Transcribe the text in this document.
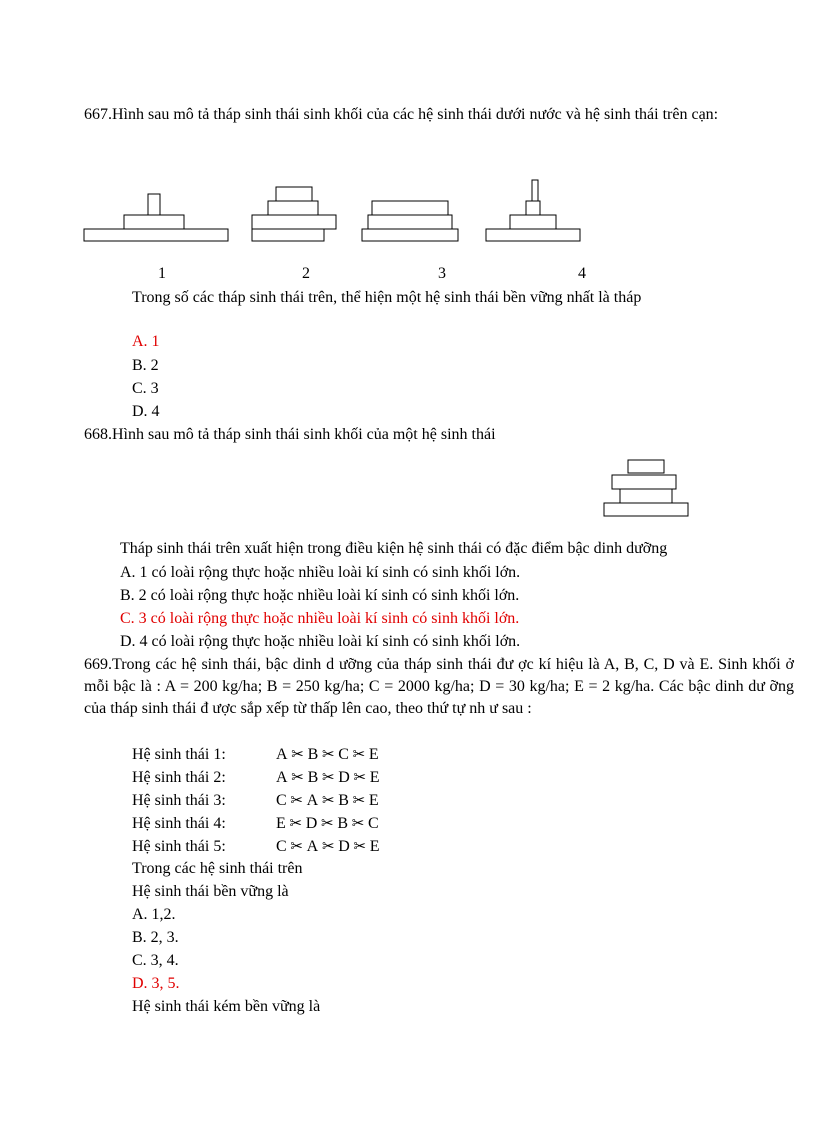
667.Hình sau mô tả tháp sinh thái sinh khối của các hệ sinh thái dưới nước và hệ sinh thái trên cạn:
1	2	3	4
Trong số các tháp sinh thái trên, thể hiện một hệ sinh thái bền vững nhất là tháp
A. 1
B. 2
C. 3
D. 4
668.Hình sau mô tả tháp sinh thái sinh khối của một hệ sinh thái
Tháp sinh thái trên xuất hiện trong điều kiện hệ sinh thái có đặc điểm bậc dinh dưỡng
A. 1 có loài rộng thực hoặc nhiều loài kí sinh có sinh khối lớn.
B. 2 có loài rộng thực hoặc nhiều loài kí sinh có sinh khối lớn.
C. 3 có loài rộng thực hoặc nhiều loài kí sinh có sinh khối lớn.
D. 4 có loài rộng thực hoặc nhiều loài kí sinh có sinh khối lớn.
669.Trong các hệ sinh thái, bậc dinh d ưỡng của tháp sinh thái đư ợc kí hiệu là A, B, C, D và E. Sinh khối ở mỗi bậc là : A = 200 kg/ha; B = 250 kg/ha; C = 2000 kg/ha; D = 30 kg/ha; E = 2 kg/ha. Các bậc dinh dư ỡng của tháp sinh thái đ ược sắp xếp từ thấp lên cao, theo thứ tự nh ư sau :
Hệ sinh thái 1:	A ✂ B ✂ C ✂ E
Hệ sinh thái 2:	A ✂ B ✂ D ✂ E
Hệ sinh thái 3:	C ✂ A ✂ B ✂ E
Hệ sinh thái 4:	E ✂ D ✂ B ✂ C
Hệ sinh thái 5:	C ✂ A ✂ D ✂ E
Trong các hệ sinh thái trên
Hệ sinh thái bền vững là
A. 1,2.
B. 2, 3.
C. 3, 4.
D. 3, 5.
Hệ sinh thái kém bền vững là
